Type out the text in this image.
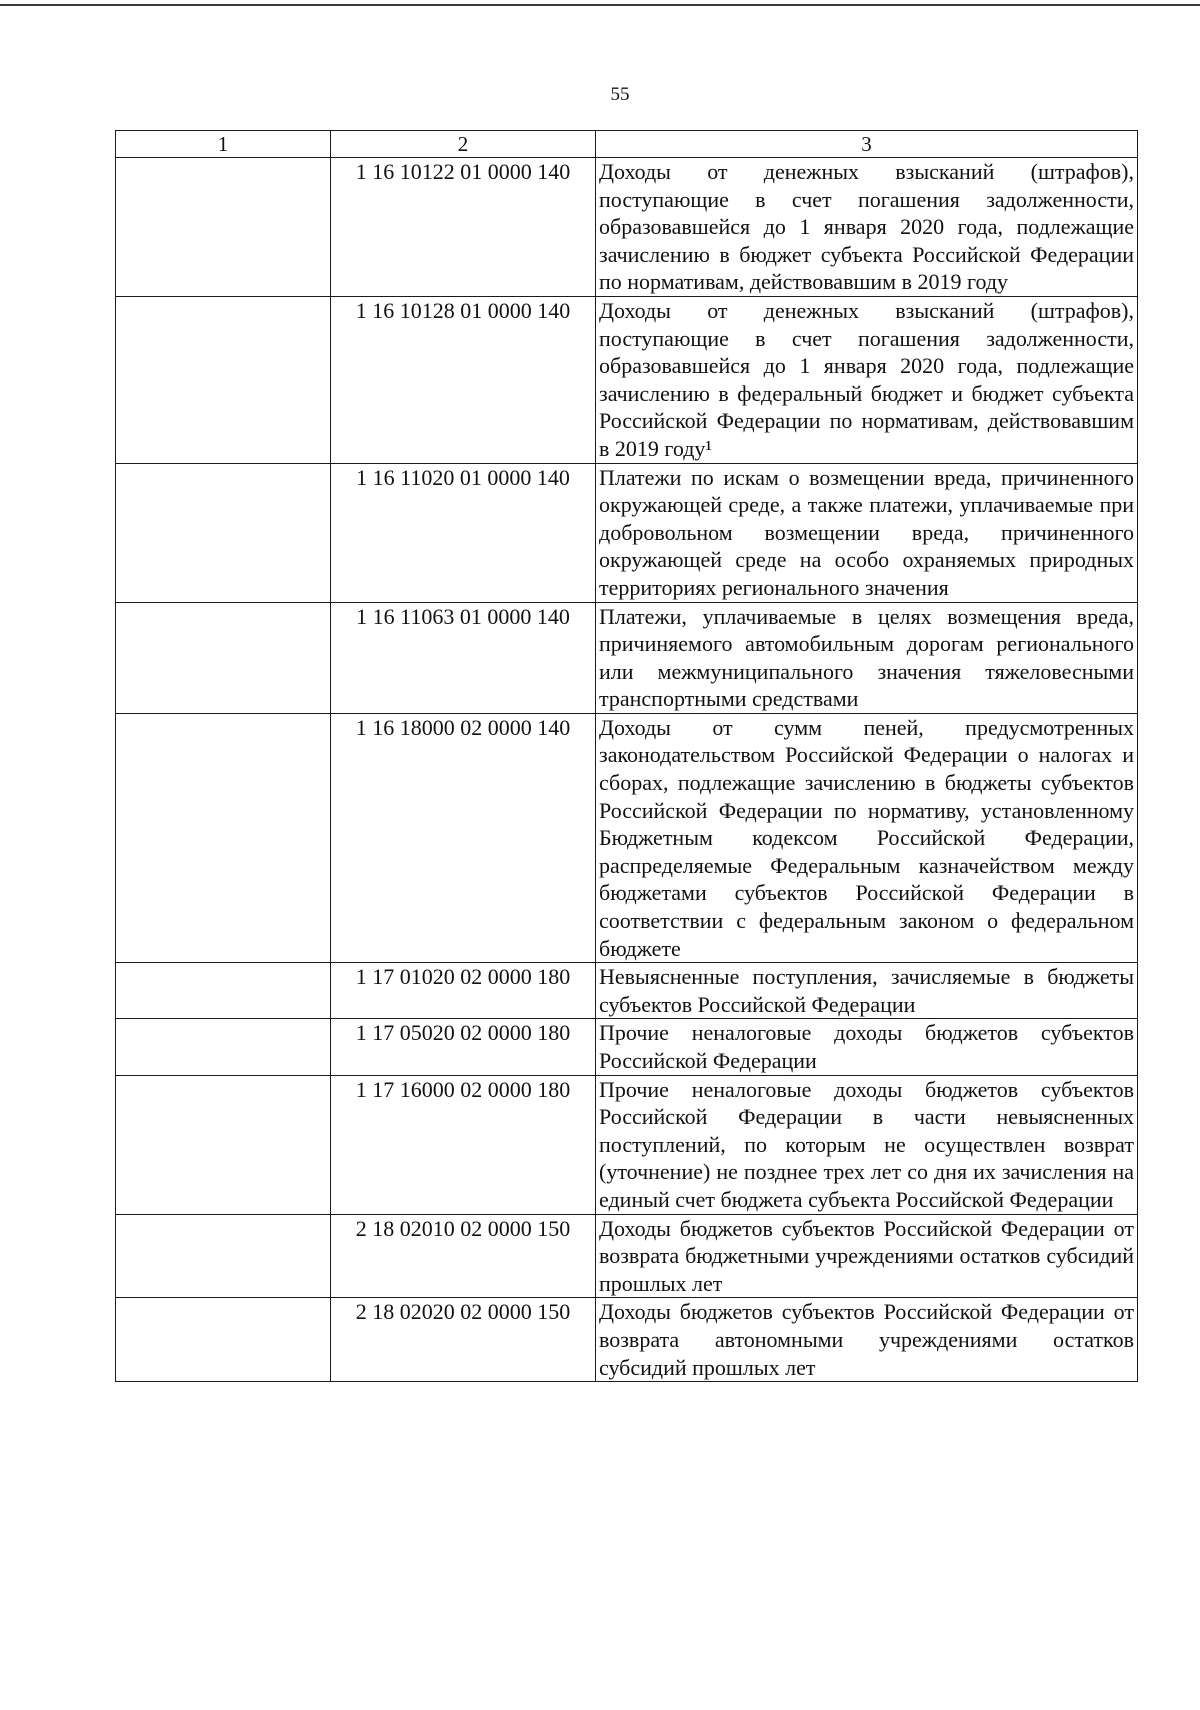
55
1	2	3
	1 16 10122 01 0000 140	Доходы от денежных взысканий (штрафов), поступающие в счет погашения задолженности, образовавшейся до 1 января 2020 года, подлежащие зачислению в бюджет субъекта Российской Федерации по нормативам, действовавшим в 2019 году
	1 16 10128 01 0000 140	Доходы от денежных взысканий (штрафов), поступающие в счет погашения задолженности, образовавшейся до 1 января 2020 года, подлежащие зачислению в федеральный бюджет и бюджет субъекта Российской Федерации по нормативам, действовавшим в 2019 году¹
	1 16 11020 01 0000 140	Платежи по искам о возмещении вреда, причиненного окружающей среде, а также платежи, уплачиваемые при добровольном возмещении вреда, причиненного окружающей среде на особо охраняемых природных территориях регионального значения
	1 16 11063 01 0000 140	Платежи, уплачиваемые в целях возмещения вреда, причиняемого автомобильным дорогам регионального или межмуниципального значения тяжеловесными транспортными средствами
	1 16 18000 02 0000 140	Доходы от сумм пеней, предусмотренных законодательством Российской Федерации о налогах и сборах, подлежащие зачислению в бюджеты субъектов Российской Федерации по нормативу, установленному Бюджетным кодексом Российской Федерации, распределяемые Федеральным казначейством между бюджетами субъектов Российской Федерации в соответствии с федеральным законом о федеральном бюджете
	1 17 01020 02 0000 180	Невыясненные поступления, зачисляемые в бюджеты субъектов Российской Федерации
	1 17 05020 02 0000 180	Прочие неналоговые доходы бюджетов субъектов Российской Федерации
	1 17 16000 02 0000 180	Прочие неналоговые доходы бюджетов субъектов Российской Федерации в части невыясненных поступлений, по которым не осуществлен возврат (уточнение) не позднее трех лет со дня их зачисления на единый счет бюджета субъекта Российской Федерации
	2 18 02010 02 0000 150	Доходы бюджетов субъектов Российской Федерации от возврата бюджетными учреждениями остатков субсидий прошлых лет
	2 18 02020 02 0000 150	Доходы бюджетов субъектов Российской Федерации от возврата автономными учреждениями остатков субсидий прошлых лет
